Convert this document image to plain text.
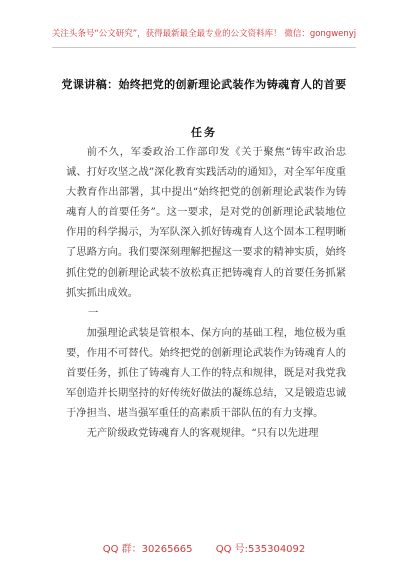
关注头条号“公文研究”，获得最新最全最专业的公文资料库！ 微信：gongwenyj
党课讲稿：始终把党的创新理论武装作为铸魂育人的首要
任务

前不久，军委政治工作部印发《关于聚焦“铸牢政治忠诚、打好攻坚之战”深化教育实践活动的通知》，对全军年度重大教育作出部署，其中提出“始终把党的创新理论武装作为铸魂育人的首要任务”。这一要求，是对党的创新理论武装地位作用的科学揭示，为军队深入抓好铸魂育人这个固本工程明晰了思路方向。我们要深刻理解把握这一要求的精神实质，始终抓住党的创新理论武装不放松真正把铸魂育人的首要任务抓紧抓实抓出成效。

一

加强理论武装是管根本、保方向的基础工程，地位极为重要，作用不可替代。始终把党的创新理论武装作为铸魂育人的首要任务，抓住了铸魂育人工作的特点和规律，既是对我党我军创造并长期坚持的好传统好做法的凝练总结，又是锻造忠诚于净担当、堪当强军重任的高素质干部队伍的有力支撑。

无产阶级政党铸魂育人的客观规律。“只有以先进理

QQ 群：30265665 QQ 号:535304092
